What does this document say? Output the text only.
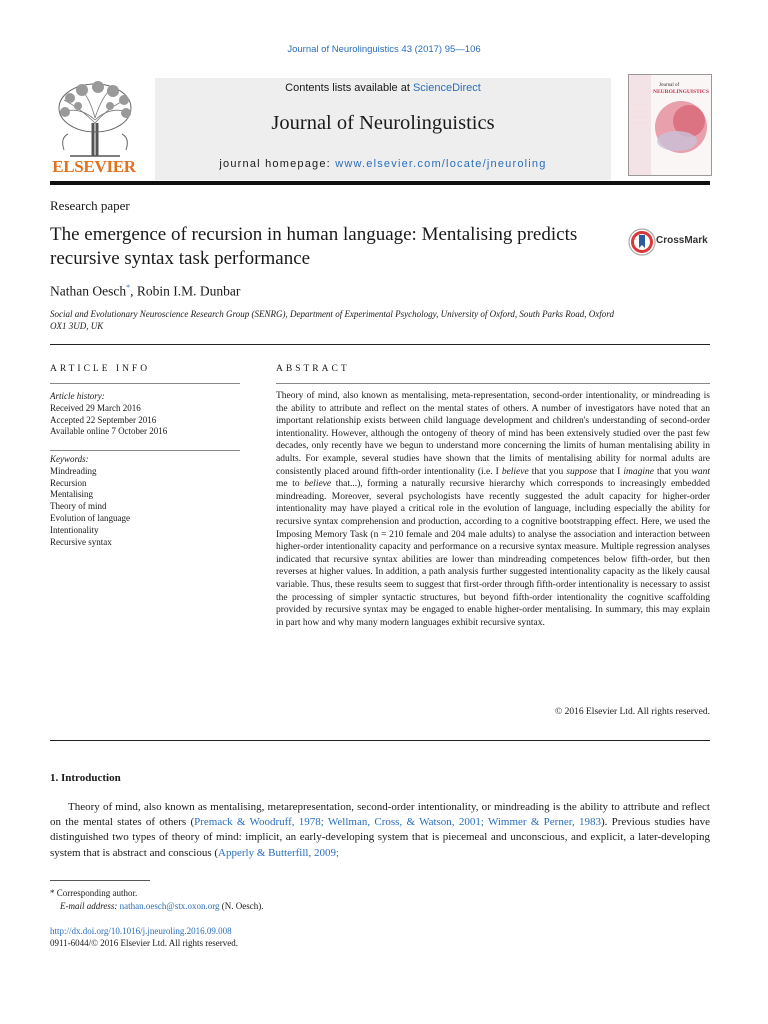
Journal of Neurolinguistics 43 (2017) 95—106
ELSEVIER
Contents lists available at ScienceDirect
Journal of Neurolinguistics
journal homepage: www.elsevier.com/locate/jneuroling
Journal of
NEUROLINGUISTICS
Research paper
The emergence of recursion in human language: Mentalising predicts recursive syntax task performance
CrossMark
Nathan Oesch*, Robin I.M. Dunbar
Social and Evolutionary Neuroscience Research Group (SENRG), Department of Experimental Psychology, University of Oxford, South Parks Road, Oxford OX1 3UD, UK
ARTICLE INFO
Article history:
Received 29 March 2016
Accepted 22 September 2016
Available online 7 October 2016
Keywords:
Mindreading
Recursion
Mentalising
Theory of mind
Evolution of language
Intentionality
Recursive syntax
ABSTRACT
Theory of mind, also known as mentalising, meta-representation, second-order intentionality, or mindreading is the ability to attribute and reflect on the mental states of others. A number of investigators have noted that an important relationship exists between child language development and children's understanding of second-order intentionality. However, although the ontogeny of theory of mind has been extensively studied over the past few decades, only recently have we begun to understand more concerning the limits of human mentalising ability in adults. For example, several studies have shown that the limits of mentalising ability for normal adults are consistently placed around fifth-order intentionality (i.e. I believe that you suppose that I imagine that you want me to believe that...), forming a naturally recursive hierarchy which corresponds to increasingly embedded mindreading. Moreover, several psychologists have recently suggested the adult capacity for higher-order intentionality may have played a critical role in the evolution of language, including especially the ability for recursive syntax comprehension and production, according to a cognitive bootstrapping effect. Here, we used the Imposing Memory Task (n = 210 female and 204 male adults) to analyse the association and interaction between higher-order intentionality capacity and performance on a recursive syntax measure. Multiple regression analyses indicated that recursive syntax abilities are lower than mindreading competences below fifth-order, but then reverses at higher values. In addition, a path analysis further suggested intentionality capacity as the likely causal variable. Thus, these results seem to suggest that first-order through fifth-order intentionality is necessary to assist the processing of simpler syntactic structures, but beyond fifth-order intentionality the cognitive scaffolding provided by recursive syntax may be engaged to enable higher-order mentalising. In summary, this may explain in part how and why many modern languages exhibit recursive syntax.
© 2016 Elsevier Ltd. All rights reserved.
1. Introduction
Theory of mind, also known as mentalising, metarepresentation, second-order intentionality, or mindreading is the ability to attribute and reflect on the mental states of others (Premack & Woodruff, 1978; Wellman, Cross, & Watson, 2001; Wimmer & Perner, 1983). Previous studies have distinguished two types of theory of mind: implicit, an early-developing system that is piecemeal and unconscious, and explicit, a later-developing system that is abstract and conscious (Apperly & Butterfill, 2009;
* Corresponding author.
E-mail address: nathan.oesch@stx.oxon.org (N. Oesch).
http://dx.doi.org/10.1016/j.jneuroling.2016.09.008
0911-6044/© 2016 Elsevier Ltd. All rights reserved.
